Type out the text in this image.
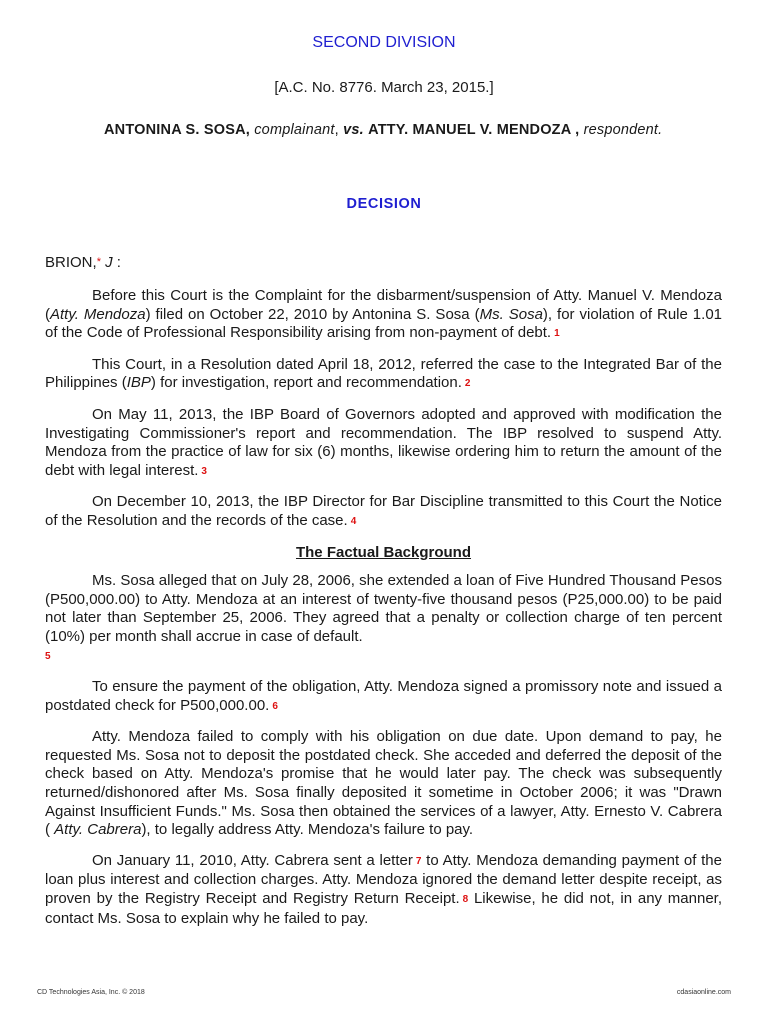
SECOND DIVISION
[A.C. No. 8776. March 23, 2015.]
ANTONINA S. SOSA, complainant, vs. ATTY. MANUEL V. MENDOZA , respondent.
DECISION
BRION,* J :

Before this Court is the Complaint for the disbarment/suspension of Atty. Manuel V. Mendoza (Atty. Mendoza) filed on October 22, 2010 by Antonina S. Sosa (Ms. Sosa), for violation of Rule 1.01 of the Code of Professional Responsibility arising from non-payment of debt. 1

This Court, in a Resolution dated April 18, 2012, referred the case to the Integrated Bar of the Philippines (IBP) for investigation, report and recommendation. 2

On May 11, 2013, the IBP Board of Governors adopted and approved with modification the Investigating Commissioner's report and recommendation. The IBP resolved to suspend Atty. Mendoza from the practice of law for six (6) months, likewise ordering him to return the amount of the debt with legal interest. 3

On December 10, 2013, the IBP Director for Bar Discipline transmitted to this Court the Notice of the Resolution and the records of the case. 4

The Factual Background

Ms. Sosa alleged that on July 28, 2006, she extended a loan of Five Hundred Thousand Pesos (P500,000.00) to Atty. Mendoza at an interest of twenty-five thousand pesos (P25,000.00) to be paid not later than September 25, 2006. They agreed that a penalty or collection charge of ten percent (10%) per month shall accrue in case of default.
5

To ensure the payment of the obligation, Atty. Mendoza signed a promissory note and issued a postdated check for P500,000.00. 6

Atty. Mendoza failed to comply with his obligation on due date. Upon demand to pay, he requested Ms. Sosa not to deposit the postdated check. She acceded and deferred the deposit of the check based on Atty. Mendoza's promise that he would later pay. The check was subsequently returned/dishonored after Ms. Sosa finally deposited it sometime in October 2006; it was "Drawn Against Insufficient Funds." Ms. Sosa then obtained the services of a lawyer, Atty. Ernesto V. Cabrera ( Atty. Cabrera), to legally address Atty. Mendoza's failure to pay.

On January 11, 2010, Atty. Cabrera sent a letter 7 to Atty. Mendoza demanding payment of the loan plus interest and collection charges. Atty. Mendoza ignored the demand letter despite receipt, as proven by the Registry Receipt and Registry Return Receipt. 8 Likewise, he did not, in any manner, contact Ms. Sosa to explain why he failed to pay.

CD Technologies Asia, Inc. © 2018	cdasiaonline.com
